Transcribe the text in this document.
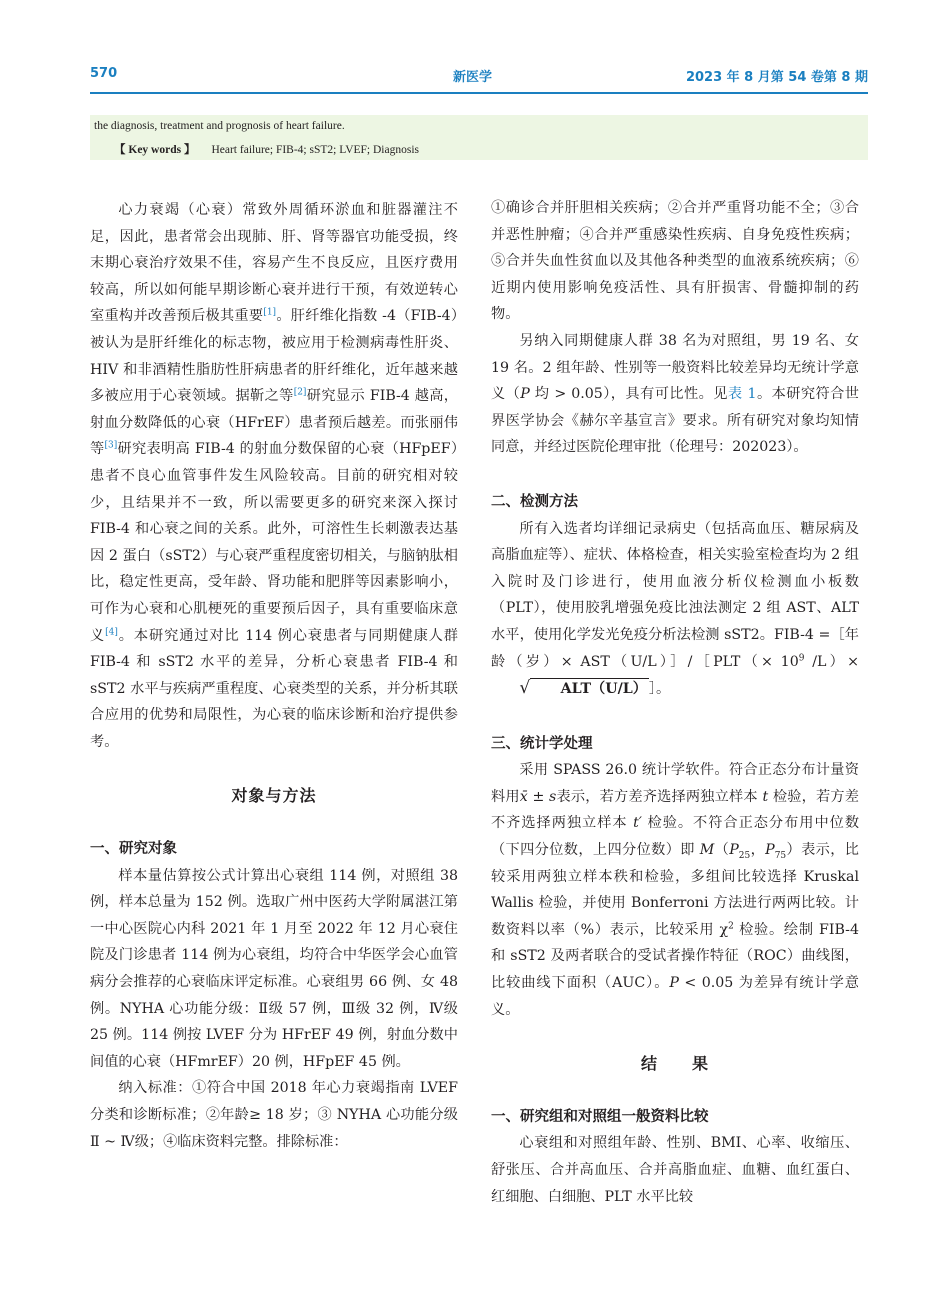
570	新医学	2023 年 8 月第 54 卷第 8 期
the diagnosis, treatment and prognosis of heart failure.
【 Key words 】 Heart failure; FIB-4; sST2; LVEF; Diagnosis

心力衰竭（心衰）常致外周循环淤血和脏器灌注不足，因此，患者常会出现肺、肝、肾等器官功能受损，终末期心衰治疗效果不佳，容易产生不良反应，且医疗费用较高，所以如何能早期诊断心衰并进行干预，有效逆转心室重构并改善预后极其重要[1]。肝纤维化指数 -4（FIB-4）被认为是肝纤维化的标志物，被应用于检测病毒性肝炎、HIV 和非酒精性脂肪性肝病患者的肝纤维化，近年越来越多被应用于心衰领域。据靳之等[2]研究显示 FIB-4 越高，射血分数降低的心衰（HFrEF）患者预后越差。而张丽伟等[3]研究表明高 FIB-4 的射血分数保留的心衰（HFpEF）患者不良心血管事件发生风险较高。目前的研究相对较少，且结果并不一致，所以需要更多的研究来深入探讨 FIB-4 和心衰之间的关系。此外，可溶性生长刺激表达基因 2 蛋白（sST2）与心衰严重程度密切相关，与脑钠肽相比，稳定性更高，受年龄、肾功能和肥胖等因素影响小，可作为心衰和心肌梗死的重要预后因子，具有重要临床意义[4]。本研究通过对比 114 例心衰患者与同期健康人群 FIB-4 和 sST2 水平的差异，分析心衰患者 FIB-4 和 sST2 水平与疾病严重程度、心衰类型的关系，并分析其联合应用的优势和局限性，为心衰的临床诊断和治疗提供参考。

对象与方法

一、研究对象

样本量估算按公式计算出心衰组 114 例，对照组 38 例，样本总量为 152 例。选取广州中医药大学附属湛江第一中心医院心内科 2021 年 1 月至 2022 年 12 月心衰住院及门诊患者 114 例为心衰组，均符合中华医学会心血管病分会推荐的心衰临床评定标准。心衰组男 66 例、女 48 例。NYHA 心功能分级：Ⅱ级 57 例，Ⅲ级 32 例，Ⅳ级 25 例。114 例按 LVEF 分为 HFrEF 49 例，射血分数中间值的心衰（HFmrEF）20 例，HFpEF 45 例。

纳入标准：①符合中国 2018 年心力衰竭指南 LVEF 分类和诊断标准；②年龄≥ 18 岁；③ NYHA 心功能分级Ⅱ ~ Ⅳ级；④临床资料完整。排除标准：

①确诊合并肝胆相关疾病；②合并严重肾功能不全；③合并恶性肿瘤；④合并严重感染性疾病、自身免疫性疾病；⑤合并失血性贫血以及其他各种类型的血液系统疾病；⑥近期内使用影响免疫活性、具有肝损害、骨髓抑制的药物。

另纳入同期健康人群 38 名为对照组，男 19 名、女 19 名。2 组年龄、性别等一般资料比较差异均无统计学意义（P 均 > 0.05），具有可比性。见表 1。本研究符合世界医学协会《赫尔辛基宣言》要求。所有研究对象均知情同意，并经过医院伦理审批（伦理号：202023）。

二、检测方法

所有入选者均详细记录病史（包括高血压、糖尿病及高脂血症等）、症状、体格检查，相关实验室检查均为 2 组入院时及门诊进行，使用血液分析仪检测血小板数（PLT），使用胶乳增强免疫比浊法测定 2 组 AST、ALT 水平，使用化学发光免疫分析法检测 sST2。FIB-4 =［年龄（岁）× AST（U/L）］/［PLT（× $10^9$ /L）× √ ALT（U/L） ］。

三、统计学处理

采用 SPASS 26.0 统计学软件。符合正态分布计量资料用x̄ ± s表示，若方差齐选择两独立样本 t 检验，若方差不齐选择两独立样本 t′ 检验。不符合正态分布用中位数（下四分位数，上四分位数）即 $M(P_{25}$，$P_{75}$）表示，比较采用两独立样本秩和检验，多组间比较选择 Kruskal Wallis 检验，并使用 Bonferroni 方法进行两两比较。计数资料以率（%）表示，比较采用 $\chi^2$ 检验。绘制 FIB-4 和 sST2 及两者联合的受试者操作特征（ROC）曲线图，比较曲线下面积（AUC）。P < 0.05 为差异有统计学意义。

结　　果

一、研究组和对照组一般资料比较

心衰组和对照组年龄、性别、BMI、心率、收缩压、舒张压、合并高血压、合并高脂血症、血糖、血红蛋白、红细胞、白细胞、PLT 水平比较
